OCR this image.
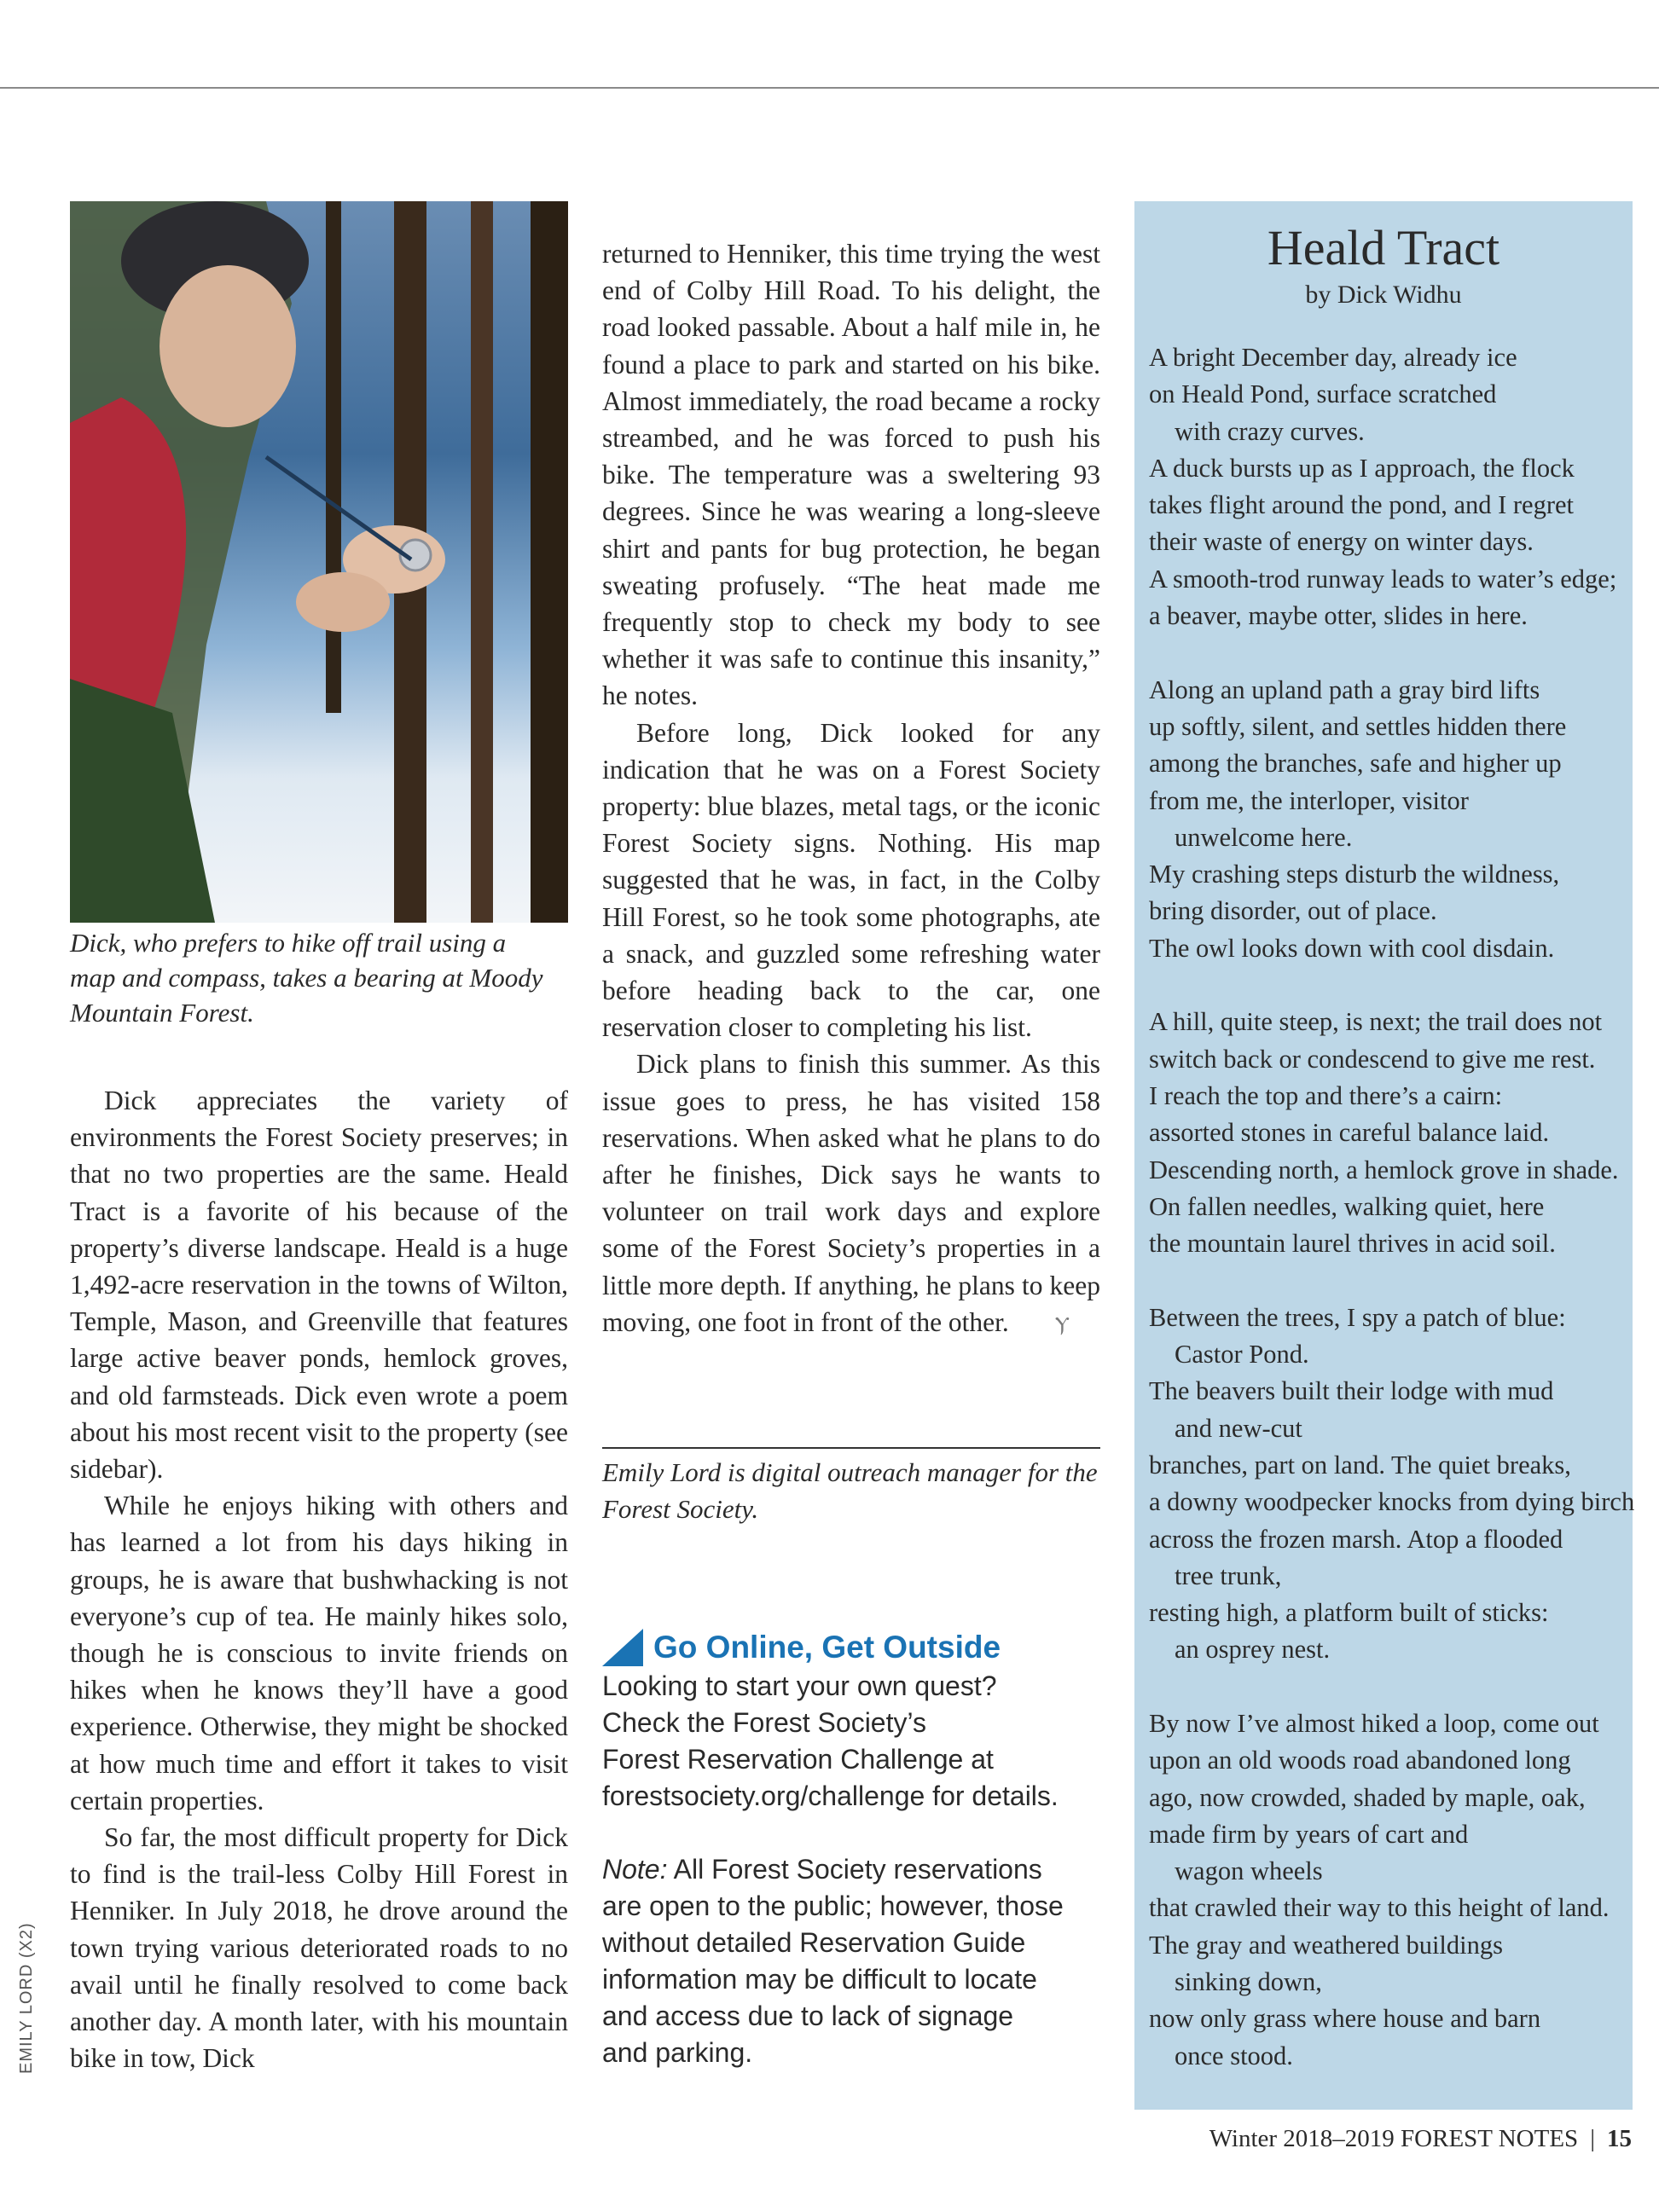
Dick, who prefers to hike off trail using a map and compass, takes a bearing at Moody Mountain Forest.
EMILY LORD (X2)

Dick appreciates the variety of environments the Forest Society preserves; in that no two properties are the same. Heald Tract is a favorite of his because of the property’s diverse landscape. Heald is a huge 1,492-acre reservation in the towns of Wilton, Temple, Mason, and Greenville that features large active beaver ponds, hemlock groves, and old farmsteads. Dick even wrote a poem about his most recent visit to the property (see sidebar).

While he enjoys hiking with others and has learned a lot from his days hiking in groups, he is aware that bushwhacking is not everyone’s cup of tea. He mainly hikes solo, though he is conscious to invite friends on hikes when he knows they’ll have a good experience. Otherwise, they might be shocked at how much time and effort it takes to visit certain properties.

So far, the most difficult property for Dick to find is the trail-less Colby Hill Forest in Henniker. In July 2018, he drove around the town trying various deteriorated roads to no avail until he finally resolved to come back another day. A month later, with his mountain bike in tow, Dick

returned to Henniker, this time trying the west end of Colby Hill Road. To his delight, the road looked passable. About a half mile in, he found a place to park and started on his bike. Almost immediately, the road became a rocky streambed, and he was forced to push his bike. The temperature was a sweltering 93 degrees. Since he was wearing a long-sleeve shirt and pants for bug protection, he began sweating profusely. “The heat made me frequently stop to check my body to see whether it was safe to continue this insanity,” he notes.

Before long, Dick looked for any indication that he was on a Forest Society property: blue blazes, metal tags, or the iconic Forest Society signs. Nothing. His map suggested that he was, in fact, in the Colby Hill Forest, so he took some photographs, ate a snack, and guzzled some refreshing water before heading back to the car, one reservation closer to completing his list.

Dick plans to finish this summer. As this issue goes to press, he has visited 158 reservations. When asked what he plans to do after he finishes, Dick says he wants to volunteer on trail work days and explore some of the Forest Society’s properties in a little more depth. If anything, he plans to keep moving, one foot in front of the other. Ⲩ

Emily Lord is digital outreach manager for the Forest Society.
Go Online, Get Outside
Looking to start your own quest?
Check the Forest Society’s
Forest Reservation Challenge at
forestsociety.org/challenge for details.
Note: All Forest Society reservations
are open to the public; however, those
without detailed Reservation Guide
information may be difficult to locate
and access due to lack of signage
and parking.
Heald Tract
by Dick Widhu
A bright December day, already ice
on Heald Pond, surface scratched
with crazy curves.
A duck bursts up as I approach, the flock
takes flight around the pond, and I regret
their waste of energy on winter days.
A smooth-trod runway leads to water’s edge;
a beaver, maybe otter, slides in here.
Along an upland path a gray bird lifts
up softly, silent, and settles hidden there
among the branches, safe and higher up
from me, the interloper, visitor
unwelcome here.
My crashing steps disturb the wildness,
bring disorder, out of place.
The owl looks down with cool disdain.
A hill, quite steep, is next; the trail does not
switch back or condescend to give me rest.
I reach the top and there’s a cairn:
assorted stones in careful balance laid.
Descending north, a hemlock grove in shade.
On fallen needles, walking quiet, here
the mountain laurel thrives in acid soil.
Between the trees, I spy a patch of blue:
Castor Pond.
The beavers built their lodge with mud
and new-cut
branches, part on land. The quiet breaks,
a downy woodpecker knocks from dying birch
across the frozen marsh. Atop a flooded
tree trunk,
resting high, a platform built of sticks:
an osprey nest.
By now I’ve almost hiked a loop, come out
upon an old woods road abandoned long
ago, now crowded, shaded by maple, oak,
made firm by years of cart and
wagon wheels
that crawled their way to this height of land.
The gray and weathered buildings
sinking down,
now only grass where house and barn
once stood.
Winter 2018–2019 FOREST NOTES | 15
